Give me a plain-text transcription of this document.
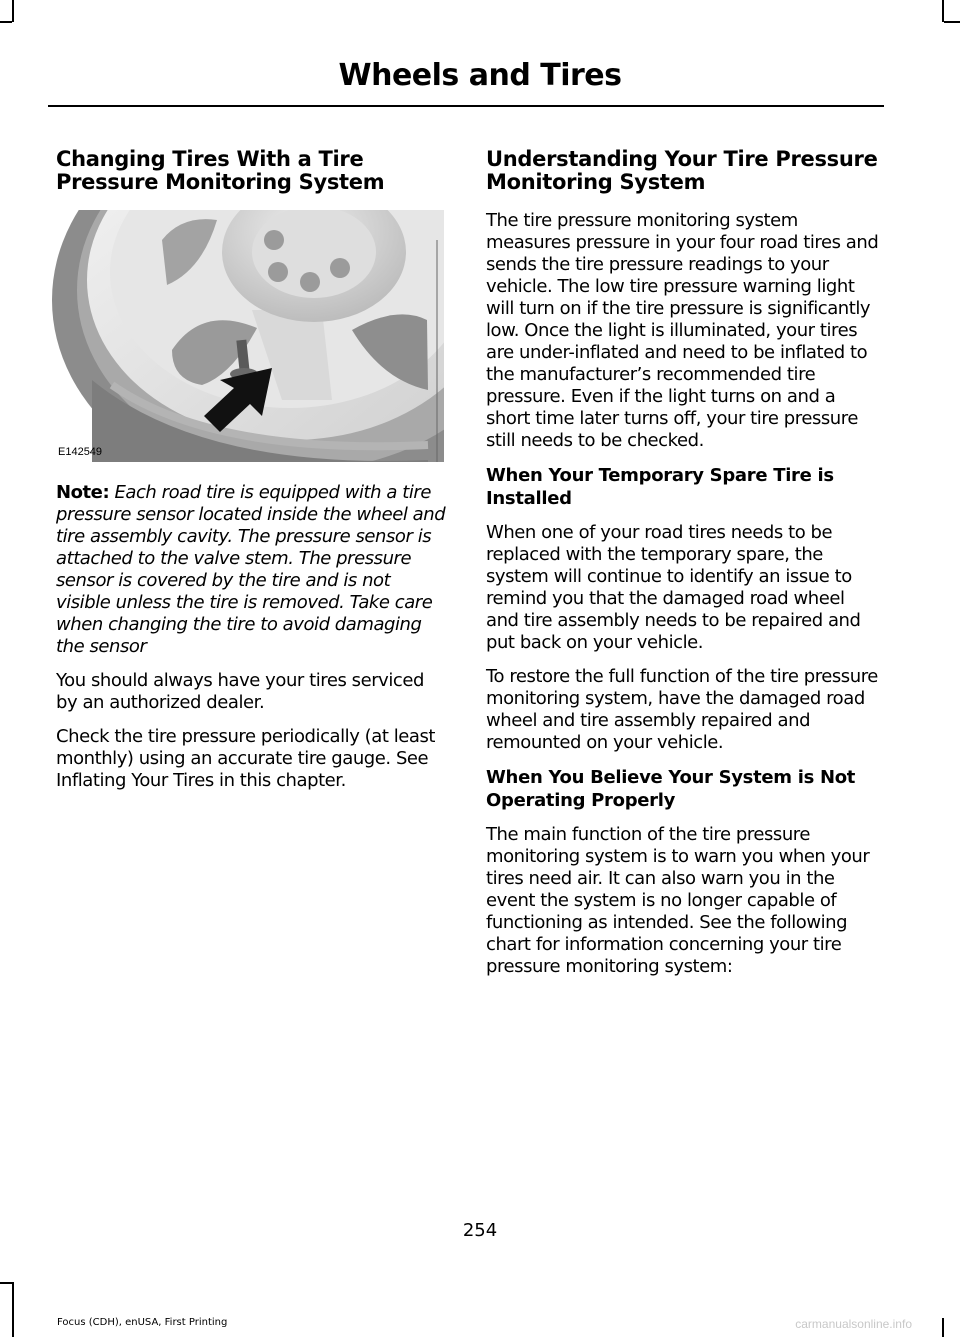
Wheels and Tires
Changing Tires With a Tire Pressure Monitoring System
E142549

Note: Each road tire is equipped with a tire pressure sensor located inside the wheel and tire assembly cavity. The pressure sensor is attached to the valve stem. The pressure sensor is covered by the tire and is not visible unless the tire is removed. Take care when changing the tire to avoid damaging the sensor

You should always have your tires serviced by an authorized dealer.

Check the tire pressure periodically (at least monthly) using an accurate tire gauge. See Inflating Your Tires in this chapter.

Understanding Your Tire Pressure Monitoring System

The tire pressure monitoring system measures pressure in your four road tires and sends the tire pressure readings to your vehicle. The low tire pressure warning light will turn on if the tire pressure is significantly low. Once the light is illuminated, your tires are under-inflated and need to be inflated to the manufacturer’s recommended tire pressure. Even if the light turns on and a short time later turns off, your tire pressure still needs to be checked.

When Your Temporary Spare Tire is Installed

When one of your road tires needs to be replaced with the temporary spare, the system will continue to identify an issue to remind you that the damaged road wheel and tire assembly needs to be repaired and put back on your vehicle.

To restore the full function of the tire pressure monitoring system, have the damaged road wheel and tire assembly repaired and remounted on your vehicle.

When You Believe Your System is Not Operating Properly

The main function of the tire pressure monitoring system is to warn you when your tires need air. It can also warn you in the event the system is no longer capable of functioning as intended. See the following chart for information concerning your tire pressure monitoring system:

254
Focus (CDH), enUSA, First Printing	carmanualsonline.info
